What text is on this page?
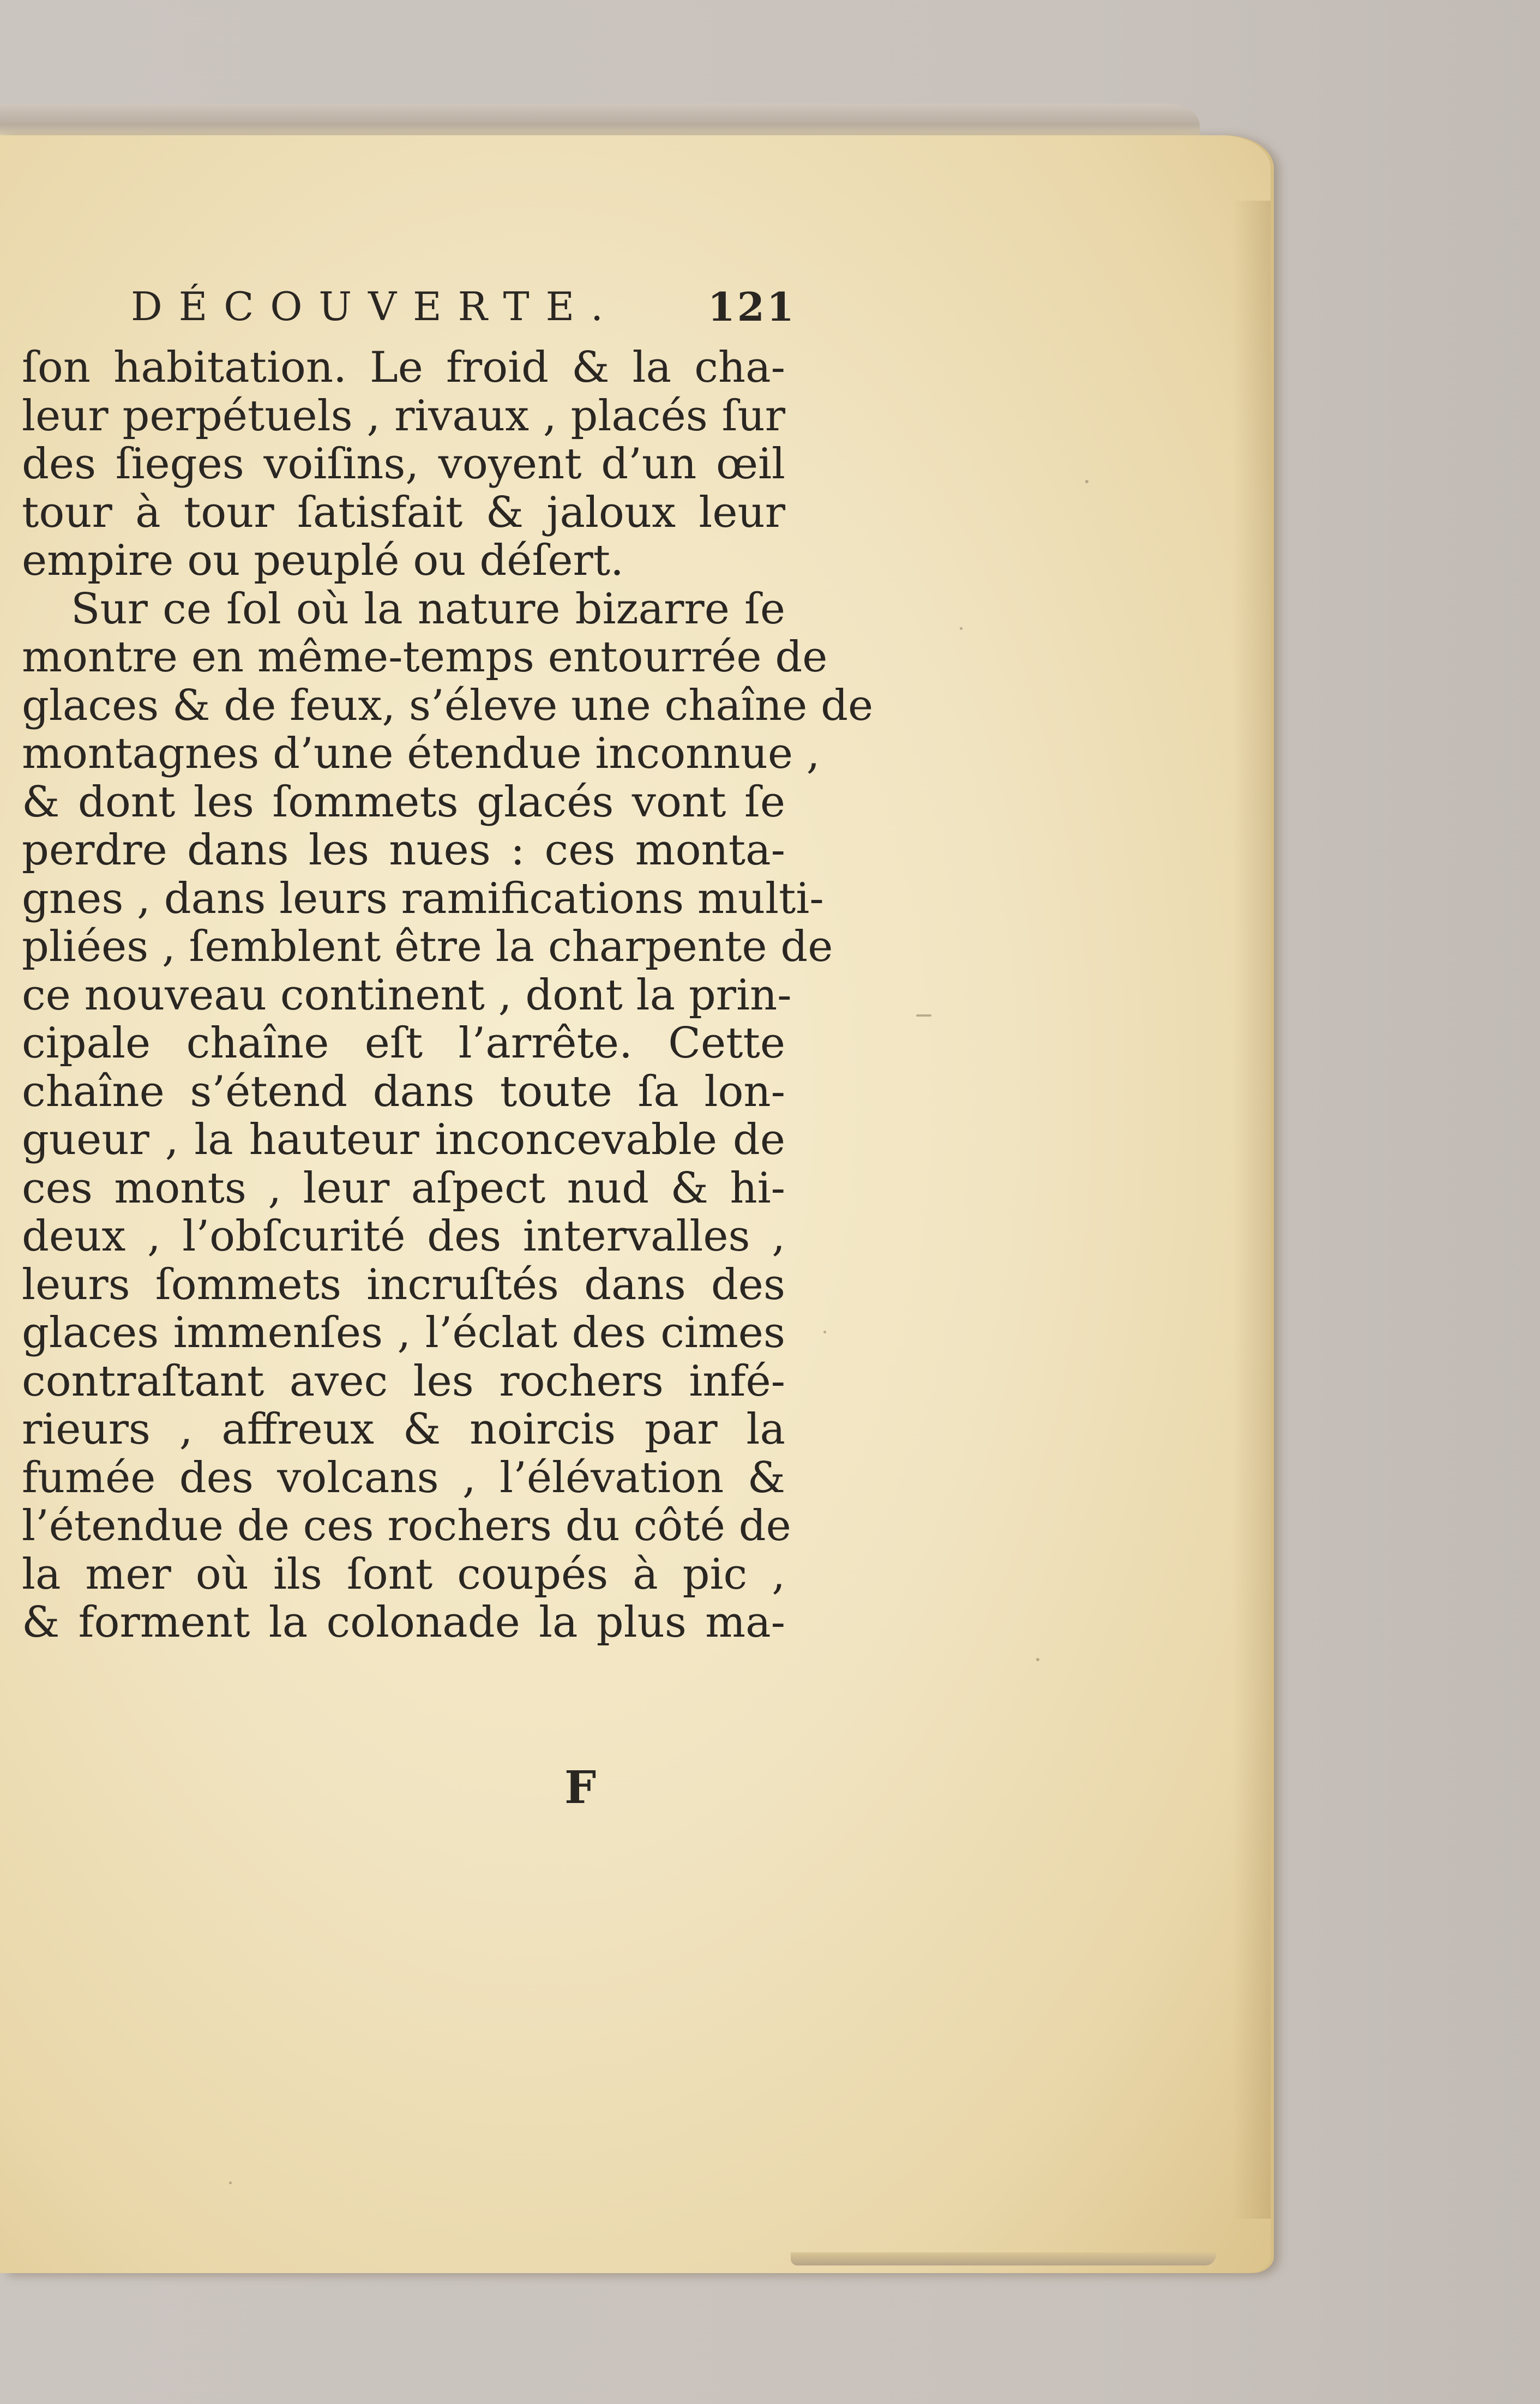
DÉCOUVERTE. 121
ſon habitation. Le froid & la cha-
leur perpétuels , rivaux , placés ſur
des ſieges voiſins, voyent d’un œil
tour à tour ſatisfait & jaloux leur
empire ou peuplé ou déſert.
Sur ce ſol où la nature bizarre ſe
montre en même-temps entourrée de
glaces & de feux, s’éleve une chaîne de
montagnes d’une étendue inconnue ,
& dont les ſommets glacés vont ſe
perdre dans les nues : ces monta-
gnes , dans leurs ramifications multi-
pliées , ſemblent être la charpente de
ce nouveau continent , dont la prin-
cipale chaîne eſt l’arrête. Cette
chaîne s’étend dans toute ſa lon-
gueur , la hauteur inconcevable de
ces monts , leur aſpect nud & hi-
deux , l’obſcurité des intervalles ,
leurs ſommets incruſtés dans des
glaces immenſes , l’éclat des cimes
contraſtant avec les rochers infé-
rieurs , affreux & noircis par la
fumée des volcans , l’élévation &
l’étendue de ces rochers du côté de
la mer où ils ſont coupés à pic ,
& forment la colonade la plus ma-
F
